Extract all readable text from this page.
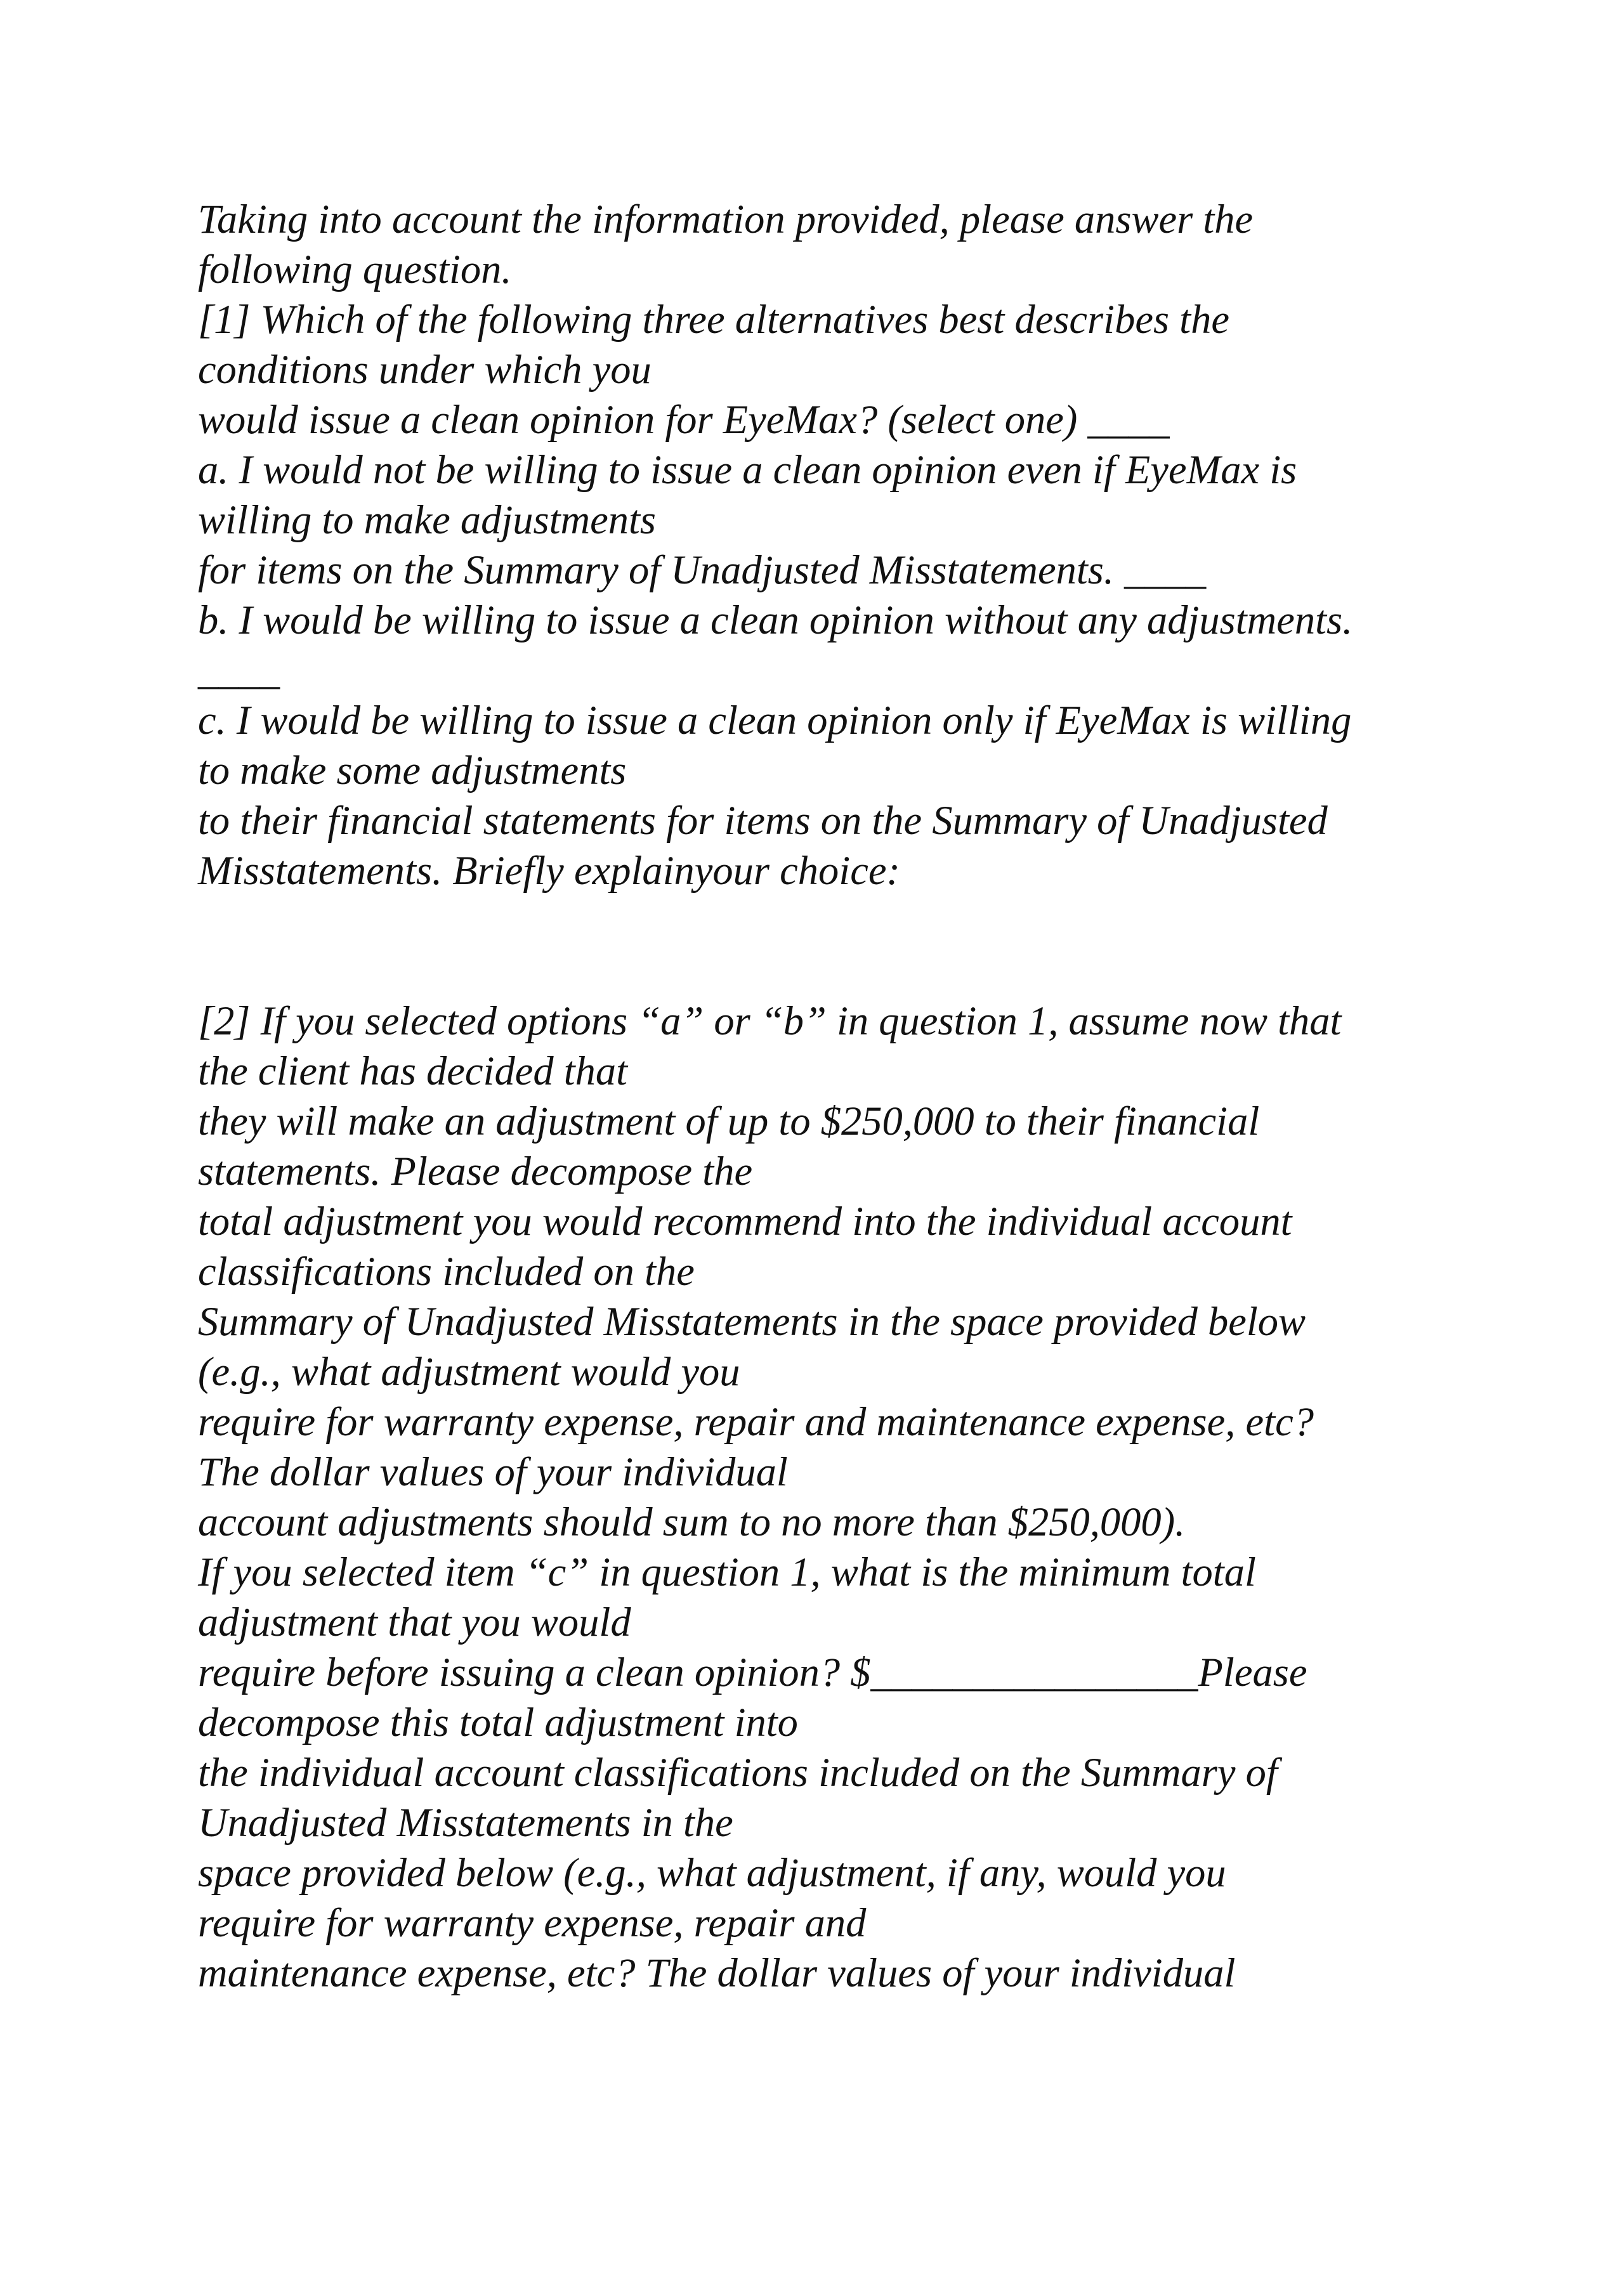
Taking into account the information provided, please answer the
following question.
[1] Which of the following three alternatives best describes the
conditions under which you
would issue a clean opinion for EyeMax? (select one) ____
a. I would not be willing to issue a clean opinion even if EyeMax is
willing to make adjustments
for items on the Summary of Unadjusted Misstatements. ____
b. I would be willing to issue a clean opinion without any adjustments.
____
c. I would be willing to issue a clean opinion only if EyeMax is willing
to make some adjustments
to their financial statements for items on the Summary of Unadjusted
Misstatements. Briefly explainyour choice:
[2] If you selected options “a” or “b” in question 1, assume now that
the client has decided that
they will make an adjustment of up to $250,000 to their financial
statements. Please decompose the
total adjustment you would recommend into the individual account
classifications included on the
Summary of Unadjusted Misstatements in the space provided below
(e.g., what adjustment would you
require for warranty expense, repair and maintenance expense, etc?
The dollar values of your individual
account adjustments should sum to no more than $250,000).
If you selected item “c” in question 1, what is the minimum total
adjustment that you would
require before issuing a clean opinion? $________________Please
decompose this total adjustment into
the individual account classifications included on the Summary of
Unadjusted Misstatements in the
space provided below (e.g., what adjustment, if any, would you
require for warranty expense, repair and
maintenance expense, etc? The dollar values of your individual
